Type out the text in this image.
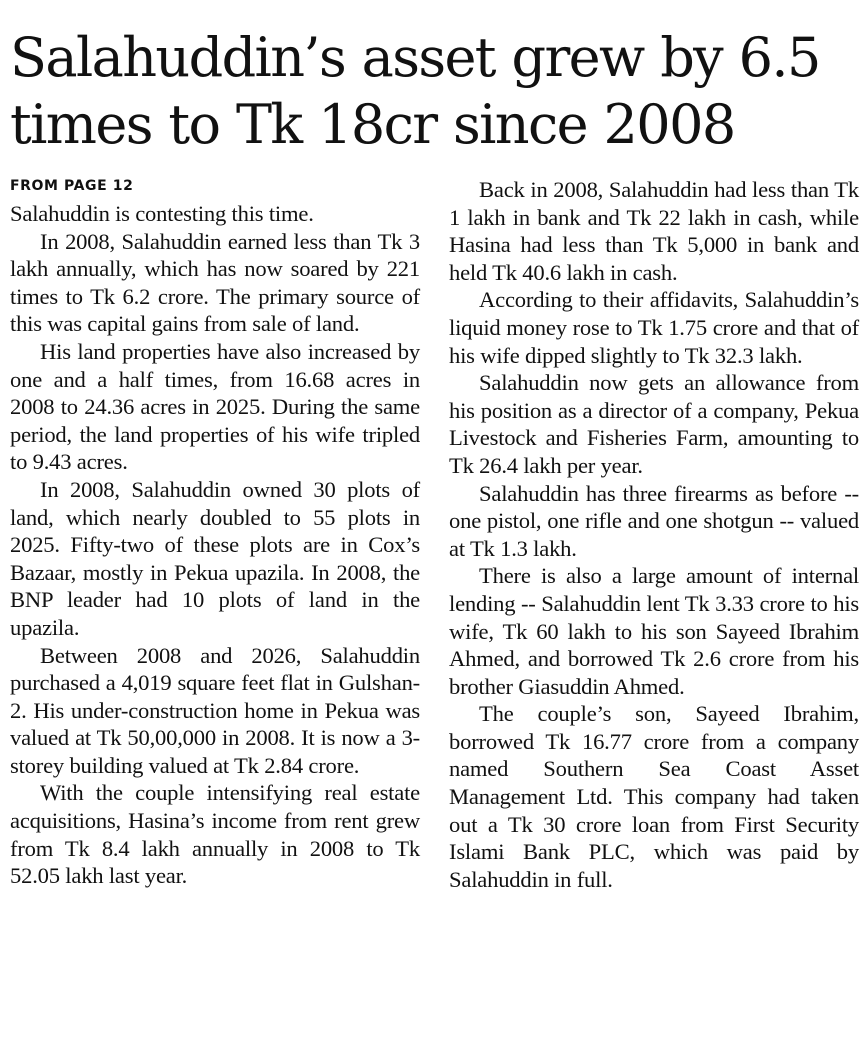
Salahuddin’s asset grew by 6.5 times to Tk 18cr since 2008
FROM PAGE 12

Salahuddin is contesting this time.

In 2008, Salahuddin earned less than Tk 3 lakh annually, which has now soared by 221 times to Tk 6.2 crore. The primary source of this was capital gains from sale of land.

His land properties have also increased by one and a half times, from 16.68 acres in 2008 to 24.36 acres in 2025. During the same period, the land properties of his wife tripled to 9.43 acres.

In 2008, Salahuddin owned 30 plots of land, which nearly doubled to 55 plots in 2025. Fifty-two of these plots are in Cox’s Bazaar, mostly in Pekua upazila. In 2008, the BNP leader had 10 plots of land in the upazila.

Between 2008 and 2026, Salahuddin purchased a 4,019 square feet flat in Gulshan-2. His under-construction home in Pekua was valued at Tk 50,00,000 in 2008. It is now a 3-storey building valued at Tk 2.84 crore.

With the couple intensifying real estate acquisitions, Hasina’s income from rent grew from Tk 8.4 lakh annually in 2008 to Tk 52.05 lakh last year.

Back in 2008, Salahuddin had less than Tk 1 lakh in bank and Tk 22 lakh in cash, while Hasina had less than Tk 5,000 in bank and held Tk 40.6 lakh in cash.

According to their affidavits, Salahuddin’s liquid money rose to Tk 1.75 crore and that of his wife dipped slightly to Tk 32.3 lakh.

Salahuddin now gets an allowance from his position as a director of a company, Pekua Livestock and Fisheries Farm, amounting to Tk 26.4 lakh per year.

Salahuddin has three firearms as before -- one pistol, one rifle and one shotgun -- valued at Tk 1.3 lakh.

There is also a large amount of internal lending -- Salahuddin lent Tk 3.33 crore to his wife, Tk 60 lakh to his son Sayeed Ibrahim Ahmed, and borrowed Tk 2.6 crore from his brother Giasuddin Ahmed.

The couple’s son, Sayeed Ibrahim, borrowed Tk 16.77 crore from a company named Southern Sea Coast Asset Management Ltd. This company had taken out a Tk 30 crore loan from First Security Islami Bank PLC, which was paid by Salahuddin in full.
